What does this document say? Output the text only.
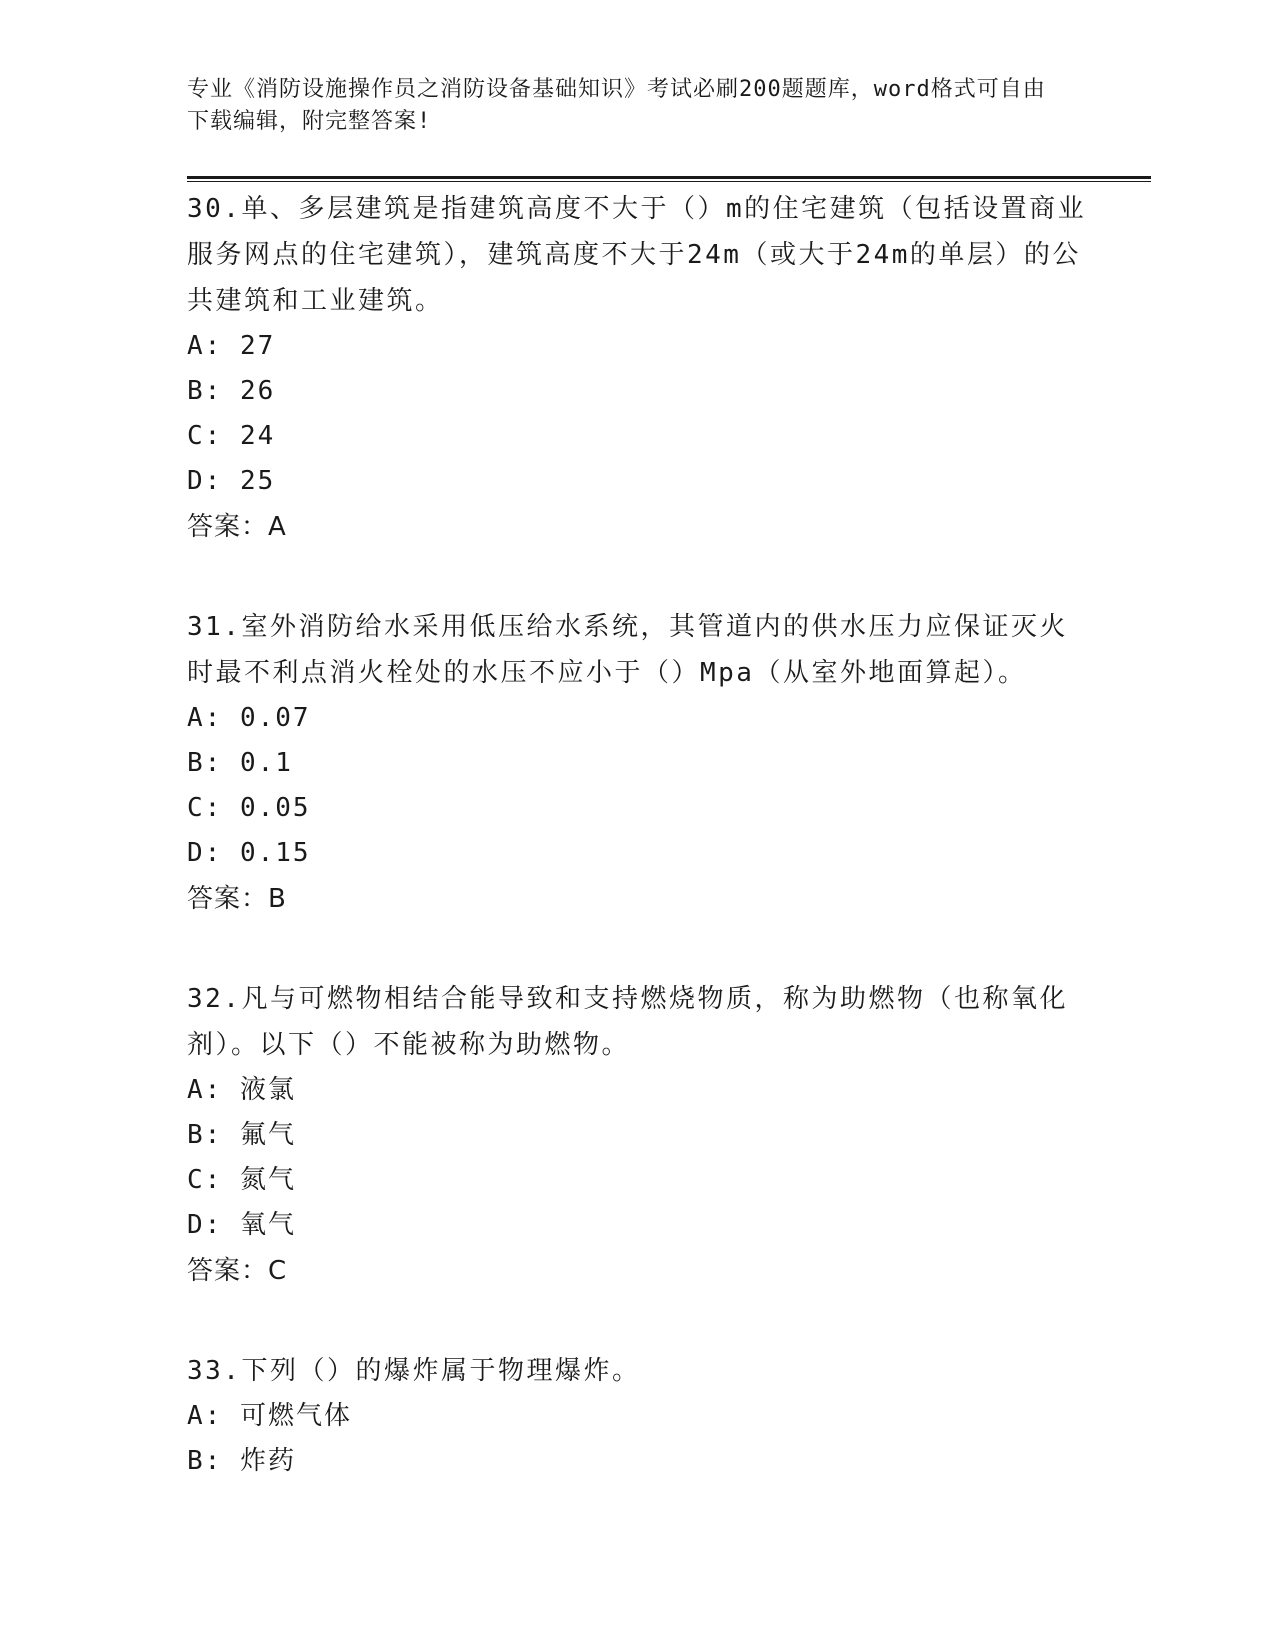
专业《消防设施操作员之消防设备基础知识》考试必刷200题题库，word格式可自由下载编辑，附完整答案!

30.单、多层建筑是指建筑高度不大于（）m的住宅建筑（包括设置商业服务网点的住宅建筑），建筑高度不大于24m（或大于24m的单层）的公共建筑和工业建筑。

A: 27

B: 26

C: 24

D: 25

答案：A

31.室外消防给水采用低压给水系统，其管道内的供水压力应保证灭火时最不利点消火栓处的水压不应小于（）Mpa（从室外地面算起）。

A: 0.07

B: 0.1

C: 0.05

D: 0.15

答案：B

32.凡与可燃物相结合能导致和支持燃烧物质，称为助燃物（也称氧化剂）。以下（）不能被称为助燃物。

A: 液氯

B: 氟气

C: 氮气

D: 氧气

答案：C

33.下列（）的爆炸属于物理爆炸。

A: 可燃气体

B: 炸药
